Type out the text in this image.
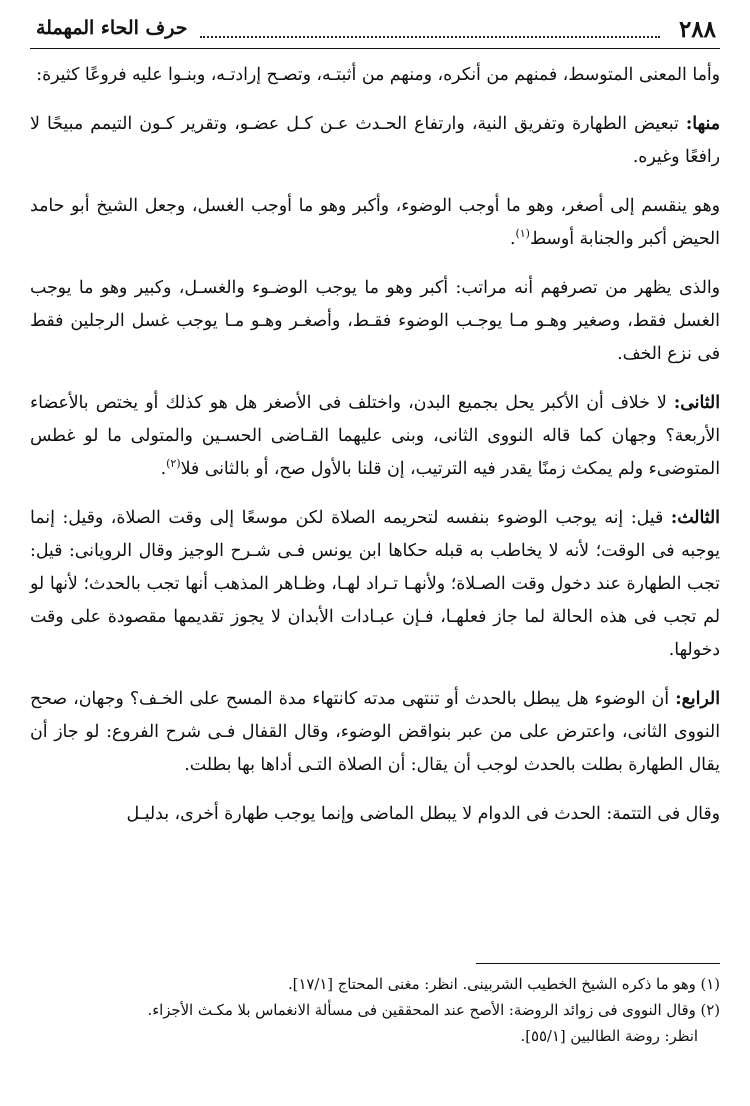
٢٨٨
حرف الحاء المهملة

وأما المعنى المتوسط، فمنهم من أنكره، ومنهم من أثبتـه، وتصـح إرادتـه، وبنـوا عليه فروعًا كثيرة:

منها: تبعيض الطهارة وتفريق النية، وارتفاع الحـدث عـن كـل عضـو، وتقرير كـون التيمم مبيحًا لا رافعًا وغيره.

وهو ينقسم إلى أصغر، وهو ما أوجب الوضوء، وأكبر وهو ما أوجب الغسل، وجعل الشيخ أبو حامد الحيض أكبر والجنابة أوسط$^{(١)}$.

والذى يظهر من تصرفهم أنه مراتب: أكبر وهو ما يوجب الوضـوء والغسـل، وكبير وهو ما يوجب الغسل فقط، وصغير وهـو مـا يوجـب الوضوء فقـط، وأصغـر وهـو مـا يوجب غسل الرجلين فقط فى نزع الخف.

الثانى: لا خلاف أن الأكبر يحل بجميع البدن، واختلف فى الأصغر هل هو كذلك أو يختص بالأعضاء الأربعة؟ وجهان كما قاله النووى الثانى، وبنى عليهما القـاضى الحسـين والمتولى ما لو غطس المتوضىء ولم يمكث زمنًا يقدر فيه الترتيب، إن قلنا بالأول صح، أو بالثانى فلا$^{(٢)}$.

الثالث: قيل: إنه يوجب الوضوء بنفسه لتحريمه الصلاة لكن موسعًا إلى وقت الصلاة، وقيل: إنما يوجبه فى الوقت؛ لأنه لا يخاطب به قبله حكاها ابن يونس فـى شـرح الوجيز وقال الرويانى: قيل: تجب الطهارة عند دخول وقت الصـلاة؛ ولأنهـا تـراد لهـا، وظـاهر المذهب أنها تجب بالحدث؛ لأنها لو لم تجب فى هذه الحالة لما جاز فعلهـا، فـإن عبـادات الأبدان لا يجوز تقديمها مقصودة على وقت دخولها.

الرابع: أن الوضوء هل يبطل بالحدث أو تنتهى مدته كانتهاء مدة المسح على الخـف؟ وجهان، صحح النووى الثانى، واعترض على من عبر بنواقض الوضوء، وقال القفال فـى شرح الفروع: لو جاز أن يقال الطهارة بطلت بالحدث لوجب أن يقال: أن الصلاة التـى أداها بها بطلت.

وقال فى التتمة: الحدث فى الدوام لا يبطل الماضى وإنما يوجب طهارة أخرى، بدليـل

(١) وهو ما ذكره الشيخ الخطيب الشربينى. انظر: مغنى المحتاج [١٧/١].

(٢) وقال النووى فى زوائد الروضة: الأصح عند المحققين فى مسألة الانغماس بلا مكـث الأجزاء.

انظر: روضة الطالبين [٥٥/١].
